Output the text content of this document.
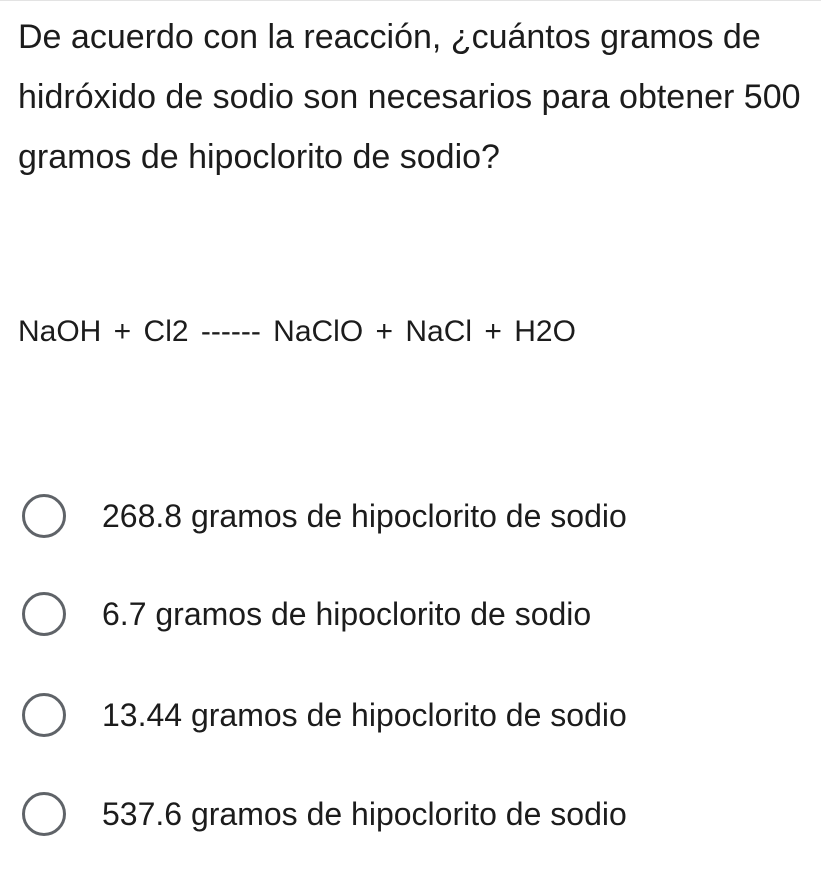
De acuerdo con la reacción, ¿cuántos gramos de hidróxido de sodio son necesarios para obtener 500 gramos de hipoclorito de sodio?
NaOH + Cl2 ------ NaClO + NaCl + H2O
268.8 gramos de hipoclorito de sodio
6.7 gramos de hipoclorito de sodio
13.44 gramos de hipoclorito de sodio
537.6 gramos de hipoclorito de sodio
